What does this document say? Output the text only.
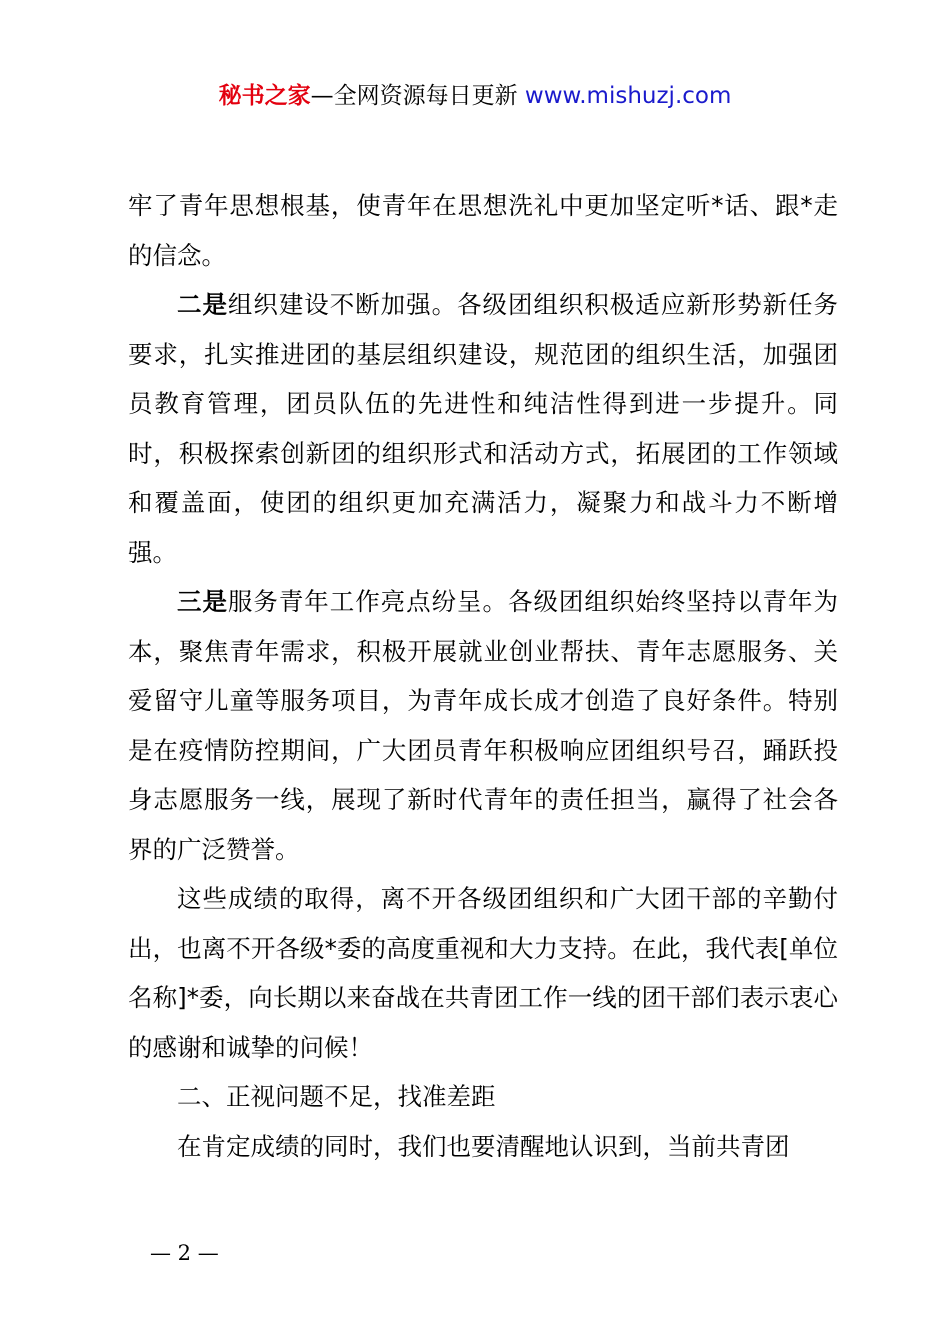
秘书之家—全网资源每日更新 www.mishuzj.com

牢了青年思想根基，使青年在思想洗礼中更加坚定听*话、跟*走的信念。

二是组织建设不断加强。各级团组织积极适应新形势新任务要求，扎实推进团的基层组织建设，规范团的组织生活，加强团员教育管理，团员队伍的先进性和纯洁性得到进一步提升。同时，积极探索创新团的组织形式和活动方式，拓展团的工作领域和覆盖面，使团的组织更加充满活力，凝聚力和战斗力不断增强。

三是服务青年工作亮点纷呈。各级团组织始终坚持以青年为本，聚焦青年需求，积极开展就业创业帮扶、青年志愿服务、关爱留守儿童等服务项目，为青年成长成才创造了良好条件。特别是在疫情防控期间，广大团员青年积极响应团组织号召，踊跃投身志愿服务一线，展现了新时代青年的责任担当，赢得了社会各界的广泛赞誉。

这些成绩的取得，离不开各级团组织和广大团干部的辛勤付出，也离不开各级*委的高度重视和大力支持。在此，我代表[单位名称]*委，向长期以来奋战在共青团工作一线的团干部们表示衷心的感谢和诚挚的问候！

二、正视问题不足，找准差距

在肯定成绩的同时，我们也要清醒地认识到，当前共青团

— 2 —
